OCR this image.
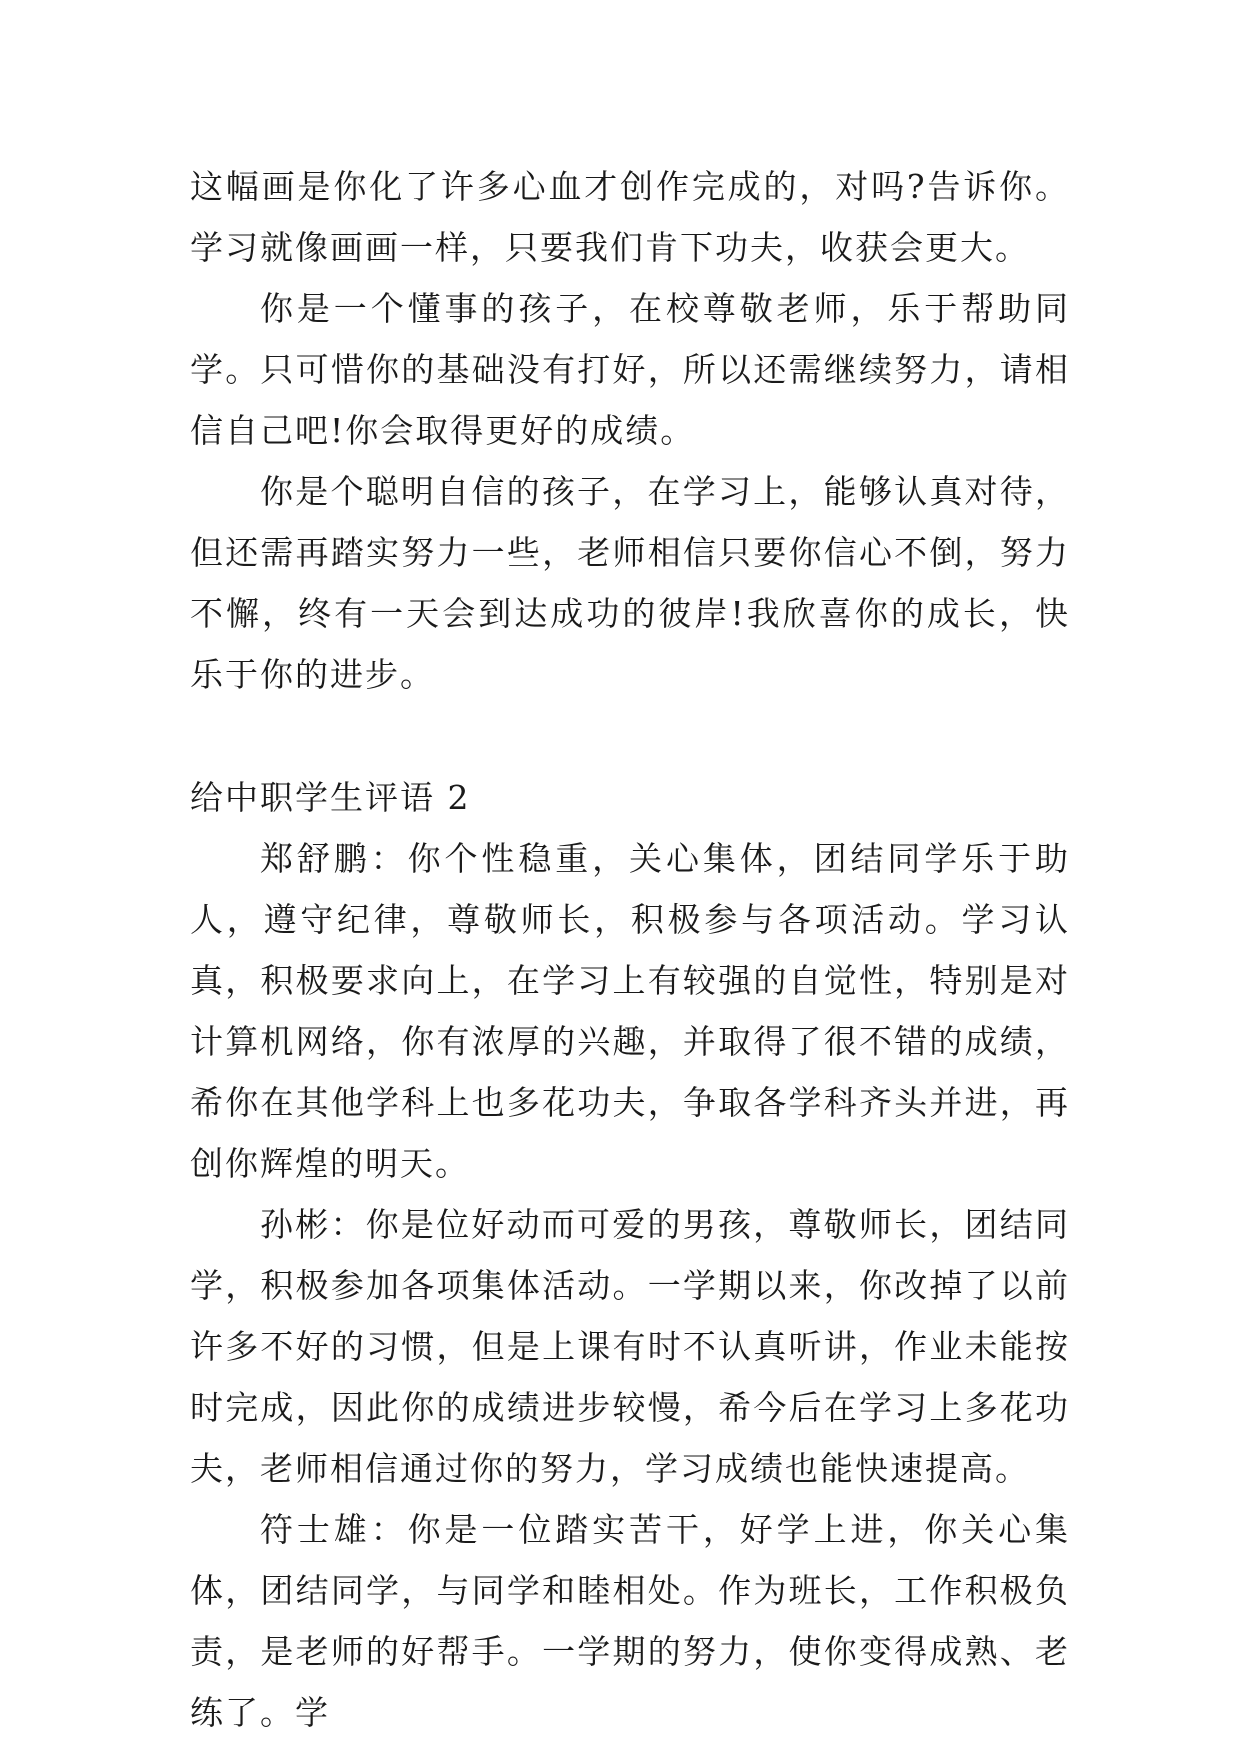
这幅画是你化了许多心血才创作完成的，对吗?告诉你。学习就像画画一样，只要我们肯下功夫，收获会更大。

你是一个懂事的孩子，在校尊敬老师，乐于帮助同学。只可惜你的基础没有打好，所以还需继续努力，请相信自己吧!你会取得更好的成绩。

你是个聪明自信的孩子，在学习上，能够认真对待，但还需再踏实努力一些，老师相信只要你信心不倒，努力不懈，终有一天会到达成功的彼岸!我欣喜你的成长，快乐于你的进步。

给中职学生评语 2

郑舒鹏：你个性稳重，关心集体，团结同学乐于助人，遵守纪律，尊敬师长，积极参与各项活动。学习认真，积极要求向上，在学习上有较强的自觉性，特别是对计算机网络，你有浓厚的兴趣，并取得了很不错的成绩，希你在其他学科上也多花功夫，争取各学科齐头并进，再创你辉煌的明天。

孙彬：你是位好动而可爱的男孩，尊敬师长，团结同学，积极参加各项集体活动。一学期以来，你改掉了以前许多不好的习惯，但是上课有时不认真听讲，作业未能按时完成，因此你的成绩进步较慢，希今后在学习上多花功夫，老师相信通过你的努力，学习成绩也能快速提高。

符士雄：你是一位踏实苦干，好学上进，你关心集体，团结同学，与同学和睦相处。作为班长，工作积极负责，是老师的好帮手。一学期的努力，使你变得成熟、老练了。学
